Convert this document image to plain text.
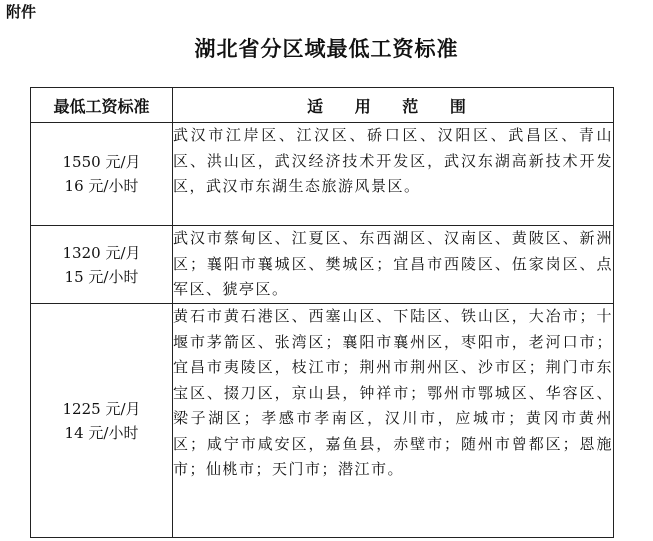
附件
湖北省分区域最低工资标准
最低工资标准	适 用 范 围

1550 元/月
16 元/小时	武汉市江岸区、江汉区、硚口区、汉阳区、武昌区、青山区、洪山区，武汉经济技术开发区，武汉东湖高新技术开发区，武汉市东湖生态旅游风景区。

1320 元/月
15 元/小时	武汉市蔡甸区、江夏区、东西湖区、汉南区、黄陂区、新洲区；襄阳市襄城区、樊城区；宜昌市西陵区、伍家岗区、点军区、猇亭区。

1225 元/月
14 元/小时	黄石市黄石港区、西塞山区、下陆区、铁山区，大冶市；十堰市茅箭区、张湾区；襄阳市襄州区，枣阳市，老河口市；宜昌市夷陵区，枝江市；荆州市荆州区、沙市区；荆门市东宝区、掇刀区，京山县，钟祥市；鄂州市鄂城区、华容区、梁子湖区；孝感市孝南区，汉川市，应城市；黄冈市黄州区；咸宁市咸安区，嘉鱼县，赤壁市；随州市曾都区；恩施市；仙桃市；天门市；潜江市。
